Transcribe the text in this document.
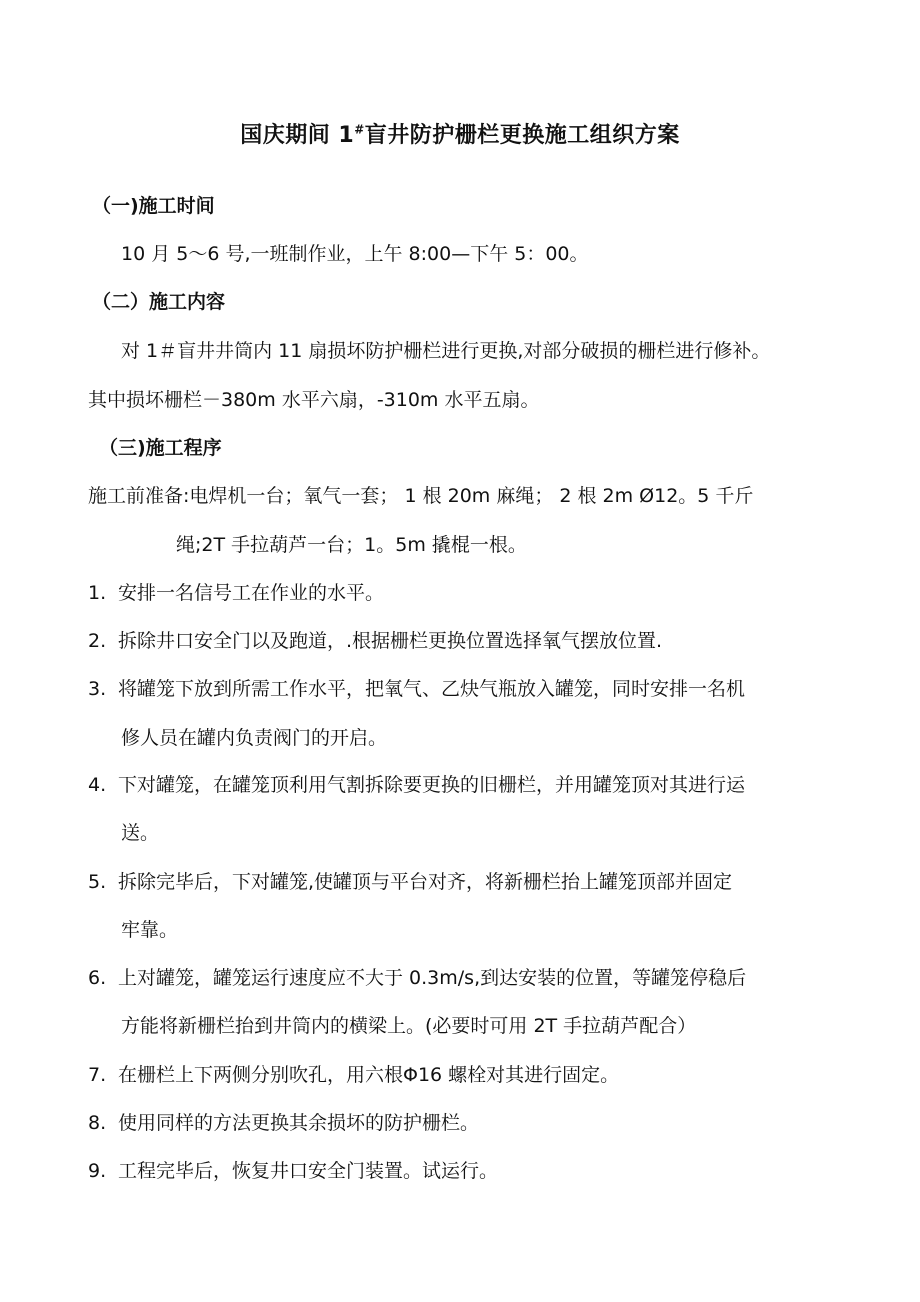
国庆期间 1#盲井防护栅栏更换施工组织方案
（一)施工时间
10 月 5～6 号,一班制作业，上午 8:00—下午 5：00。
（二）施工内容
对 1＃盲井井筒内 11 扇损坏防护栅栏进行更换,对部分破损的栅栏进行修补。
其中损坏栅栏－380m 水平六扇，-310m 水平五扇。
（三)施工程序
施工前准备:电焊机一台；氧气一套； 1 根 20m 麻绳； 2 根 2m Ø12。5 千斤
绳;2T 手拉葫芦一台；1。5m 撬棍一根。
1. 安排一名信号工在作业的水平。
2. 拆除井口安全门以及跑道，.根据栅栏更换位置选择氧气摆放位置.
3. 将罐笼下放到所需工作水平，把氧气、乙炔气瓶放入罐笼，同时安排一名机
修人员在罐内负责阀门的开启。
4. 下对罐笼，在罐笼顶利用气割拆除要更换的旧栅栏，并用罐笼顶对其进行运
送。
5. 拆除完毕后，下对罐笼,使罐顶与平台对齐，将新栅栏抬上罐笼顶部并固定
牢靠。
6. 上对罐笼，罐笼运行速度应不大于 0.3m/s,到达安装的位置，等罐笼停稳后
方能将新栅栏抬到井筒内的横梁上。(必要时可用 2T 手拉葫芦配合）
7. 在栅栏上下两侧分别吹孔，用六根Φ16 螺栓对其进行固定。
8. 使用同样的方法更换其余损坏的防护栅栏。
9. 工程完毕后，恢复井口安全门装置。试运行。
